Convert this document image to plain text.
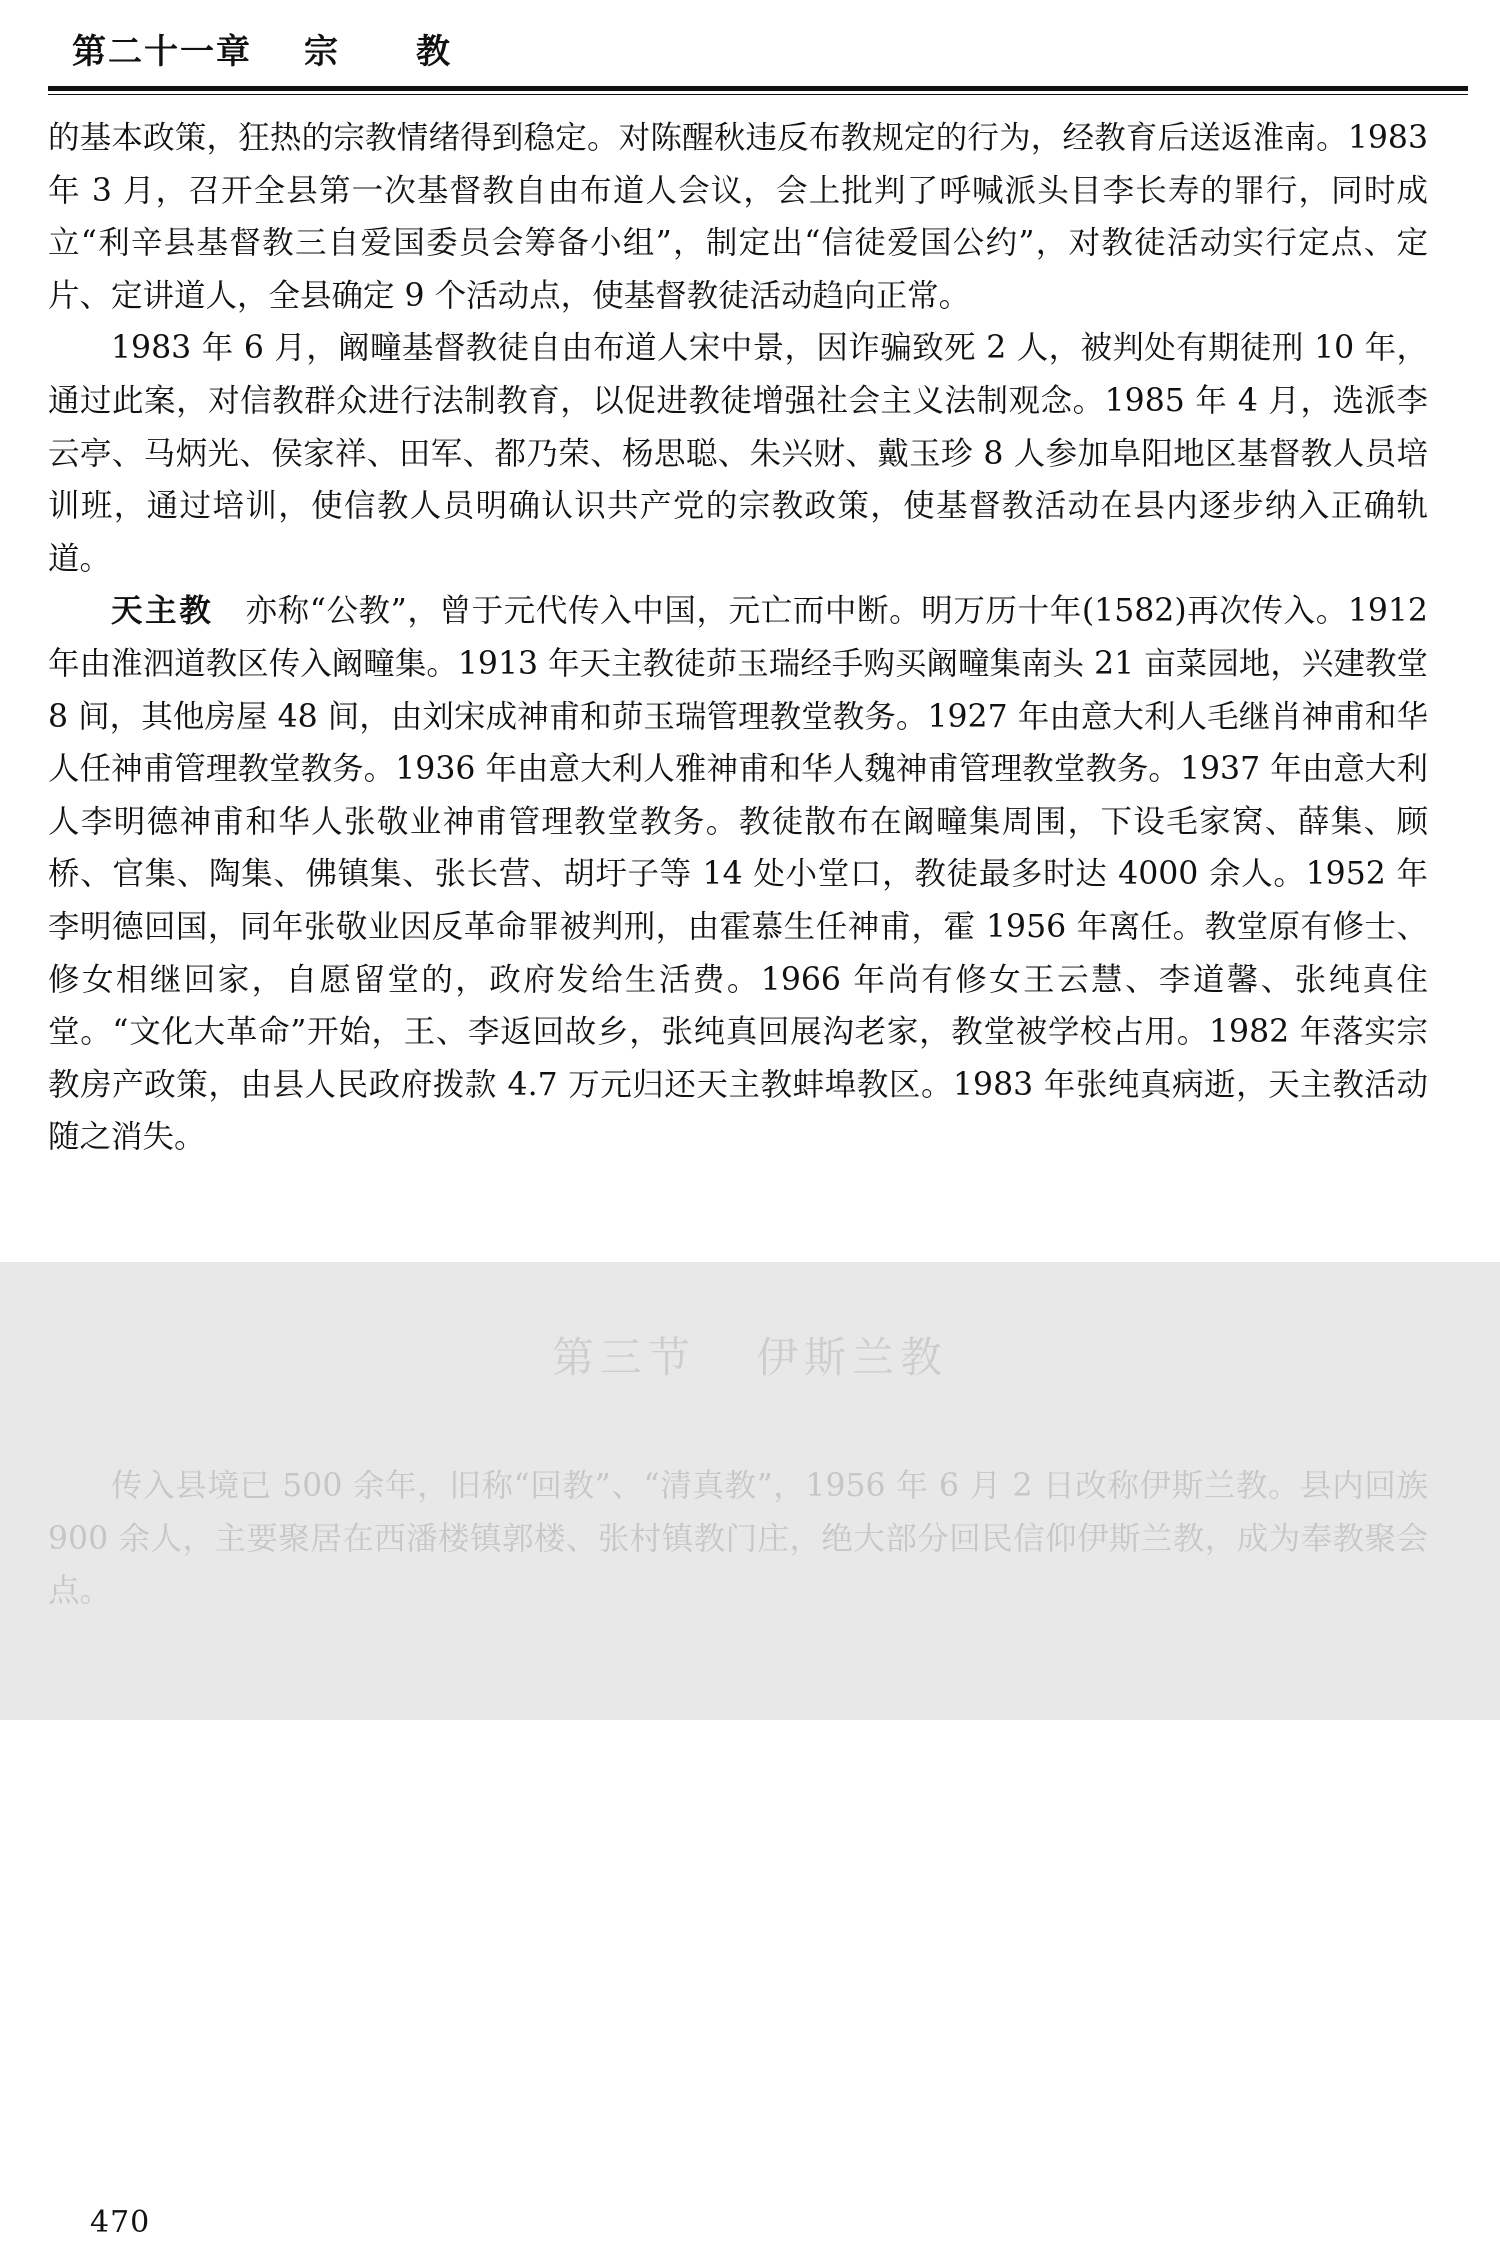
第二十一章 宗 教

的基本政策，狂热的宗教情绪得到稳定。对陈醒秋违反布教规定的行为，经教育后送返淮南。1983 年 3 月，召开全县第一次基督教自由布道人会议，会上批判了呼喊派头目李长寿的罪行，同时成立“利辛县基督教三自爱国委员会筹备小组”，制定出“信徒爱国公约”，对教徒活动实行定点、定片、定讲道人，全县确定 9 个活动点，使基督教徒活动趋向正常。

1983 年 6 月，阚疃基督教徒自由布道人宋中景，因诈骗致死 2 人，被判处有期徒刑 10 年，通过此案，对信教群众进行法制教育，以促进教徒增强社会主义法制观念。1985 年 4 月，选派李云亭、马炳光、侯家祥、田军、都乃荣、杨思聪、朱兴财、戴玉珍 8 人参加阜阳地区基督教人员培训班，通过培训，使信教人员明确认识共产党的宗教政策，使基督教活动在县内逐步纳入正确轨道。

天主教　 亦称“公教”，曾于元代传入中国，元亡而中断。明万历十年(1582)再次传入。1912 年由淮泗道教区传入阚疃集。1913 年天主教徒茆玉瑞经手购买阚疃集南头 21 亩菜园地，兴建教堂 8 间，其他房屋 48 间，由刘宋成神甫和茆玉瑞管理教堂教务。1927 年由意大利人毛继肖神甫和华人任神甫管理教堂教务。1936 年由意大利人雅神甫和华人魏神甫管理教堂教务。1937 年由意大利人李明德神甫和华人张敬业神甫管理教堂教务。教徒散布在阚疃集周围，下设毛家窝、薛集、顾桥、官集、陶集、佛镇集、张长营、胡圩子等 14 处小堂口，教徒最多时达 4000 余人。1952 年李明德回国，同年张敬业因反革命罪被判刑，由霍慕生任神甫，霍 1956 年离任。教堂原有修士、修女相继回家，自愿留堂的，政府发给生活费。1966 年尚有修女王云慧、李道馨、张纯真住堂。“文化大革命”开始，王、李返回故乡，张纯真回展沟老家，教堂被学校占用。1982 年落实宗教房产政策，由县人民政府拨款 4.7 万元归还天主教蚌埠教区。1983 年张纯真病逝，天主教活动随之消失。

第三节 伊斯兰教

传入县境已 500 余年，旧称“回教”、“清真教”，1956 年 6 月 2 日改称伊斯兰教。县内回族 900 余人，主要聚居在西潘楼镇郭楼、张村镇教门庄，绝大部分回民信仰伊斯兰教，成为奉教聚会点。

470
